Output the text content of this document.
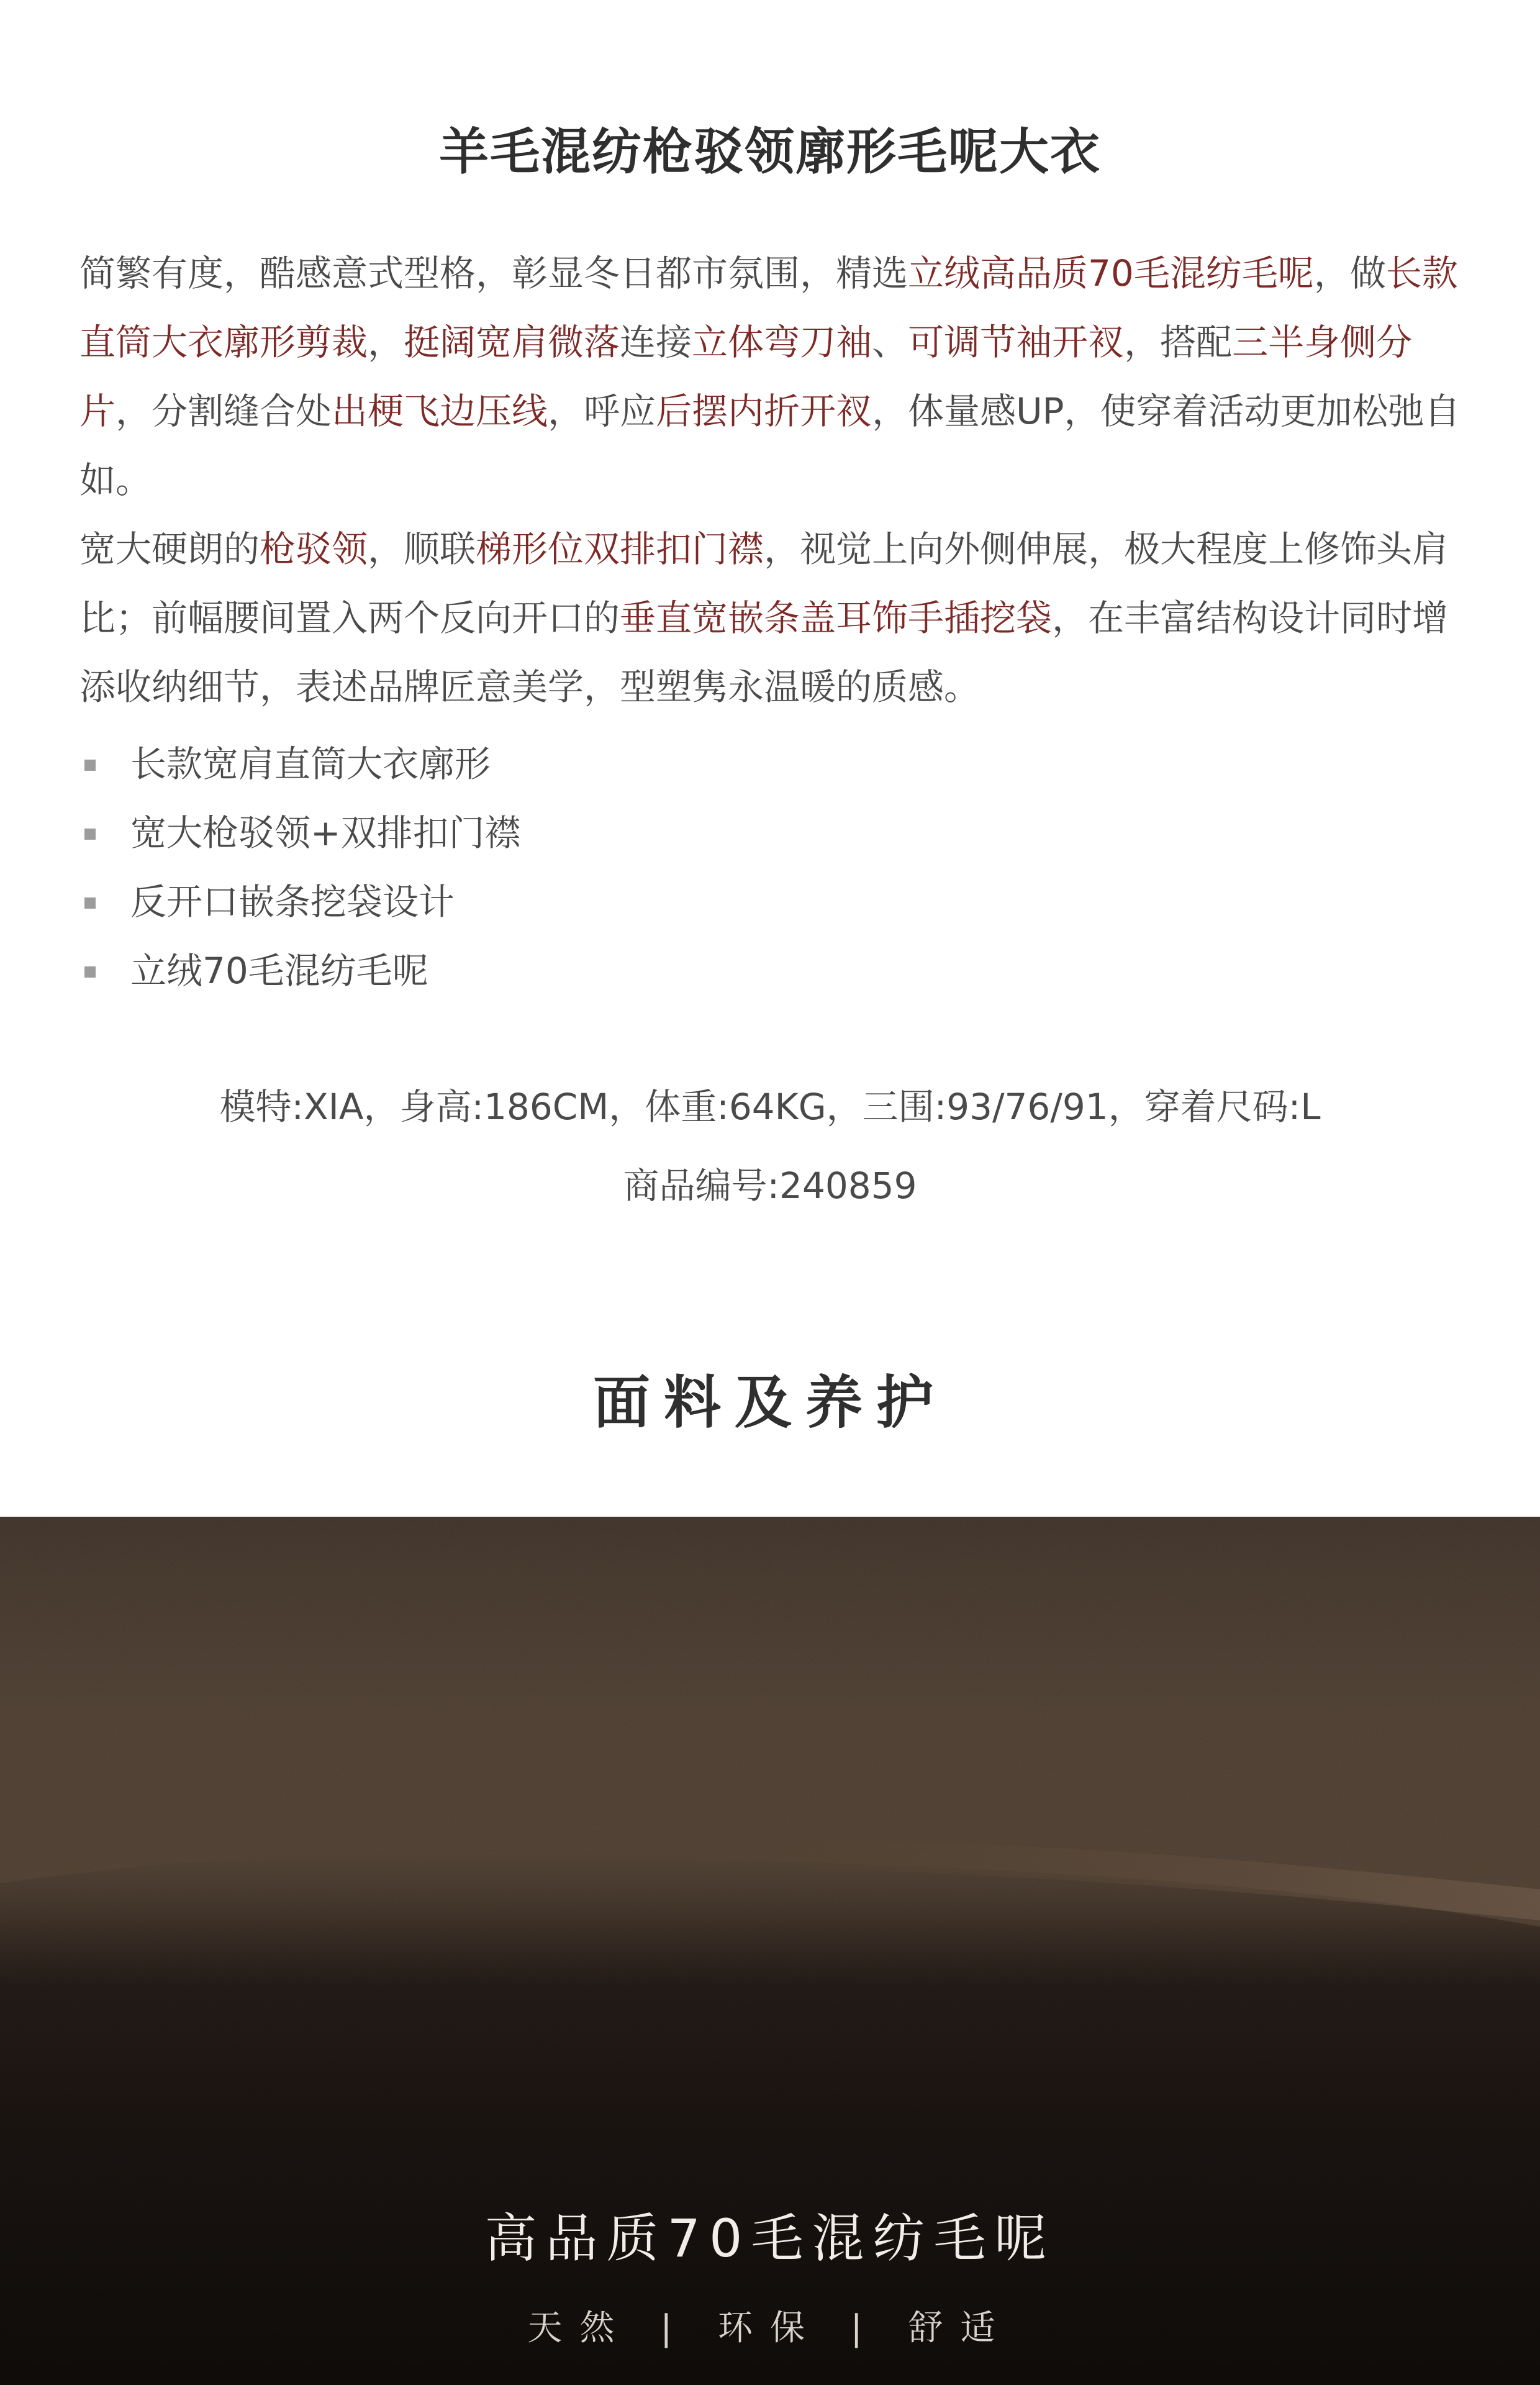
羊毛混纺枪驳领廓形毛呢大衣

简繁有度，酷感意式型格，彰显冬日都市氛围，精选立绒高品质70毛混纺毛呢，做长款直筒大衣廓形剪裁，挺阔宽肩微落连接立体弯刀袖、可调节袖开衩，搭配三半身侧分片，分割缝合处出梗飞边压线，呼应后摆内折开衩，体量感UP，使穿着活动更加松弛自如。

宽大硬朗的枪驳领，顺联梯形位双排扣门襟，视觉上向外侧伸展，极大程度上修饰头肩比；前幅腰间置入两个反向开口的垂直宽嵌条盖耳饰手插挖袋，在丰富结构设计同时增添收纳细节，表述品牌匠意美学，型塑隽永温暖的质感。

长款宽肩直筒大衣廓形
宽大枪驳领+双排扣门襟
反开口嵌条挖袋设计
立绒70毛混纺毛呢
模特:XIA，身高:186CM，体重:64KG，三围:93/76/91，穿着尺码:L
商品编号:240859
面料及养护
高品质70毛混纺毛呢
天然 | 环保 | 舒适
